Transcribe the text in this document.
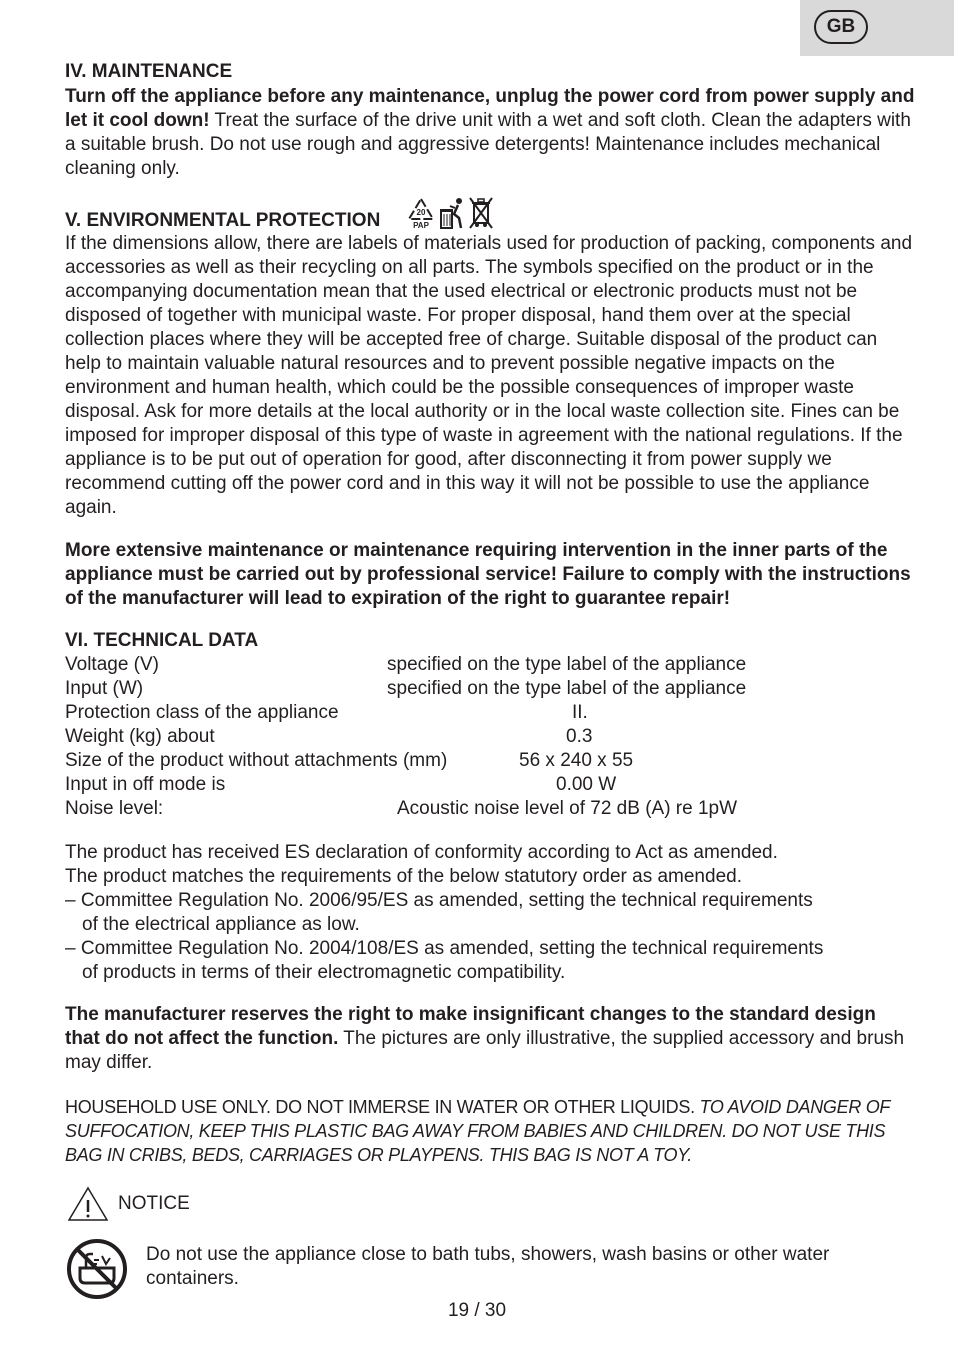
GB

IV. MAINTENANCE

Turn off the appliance before any maintenance, unplug the power cord from power supply and let it cool down! Treat the surface of the drive unit with a wet and soft cloth. Clean the adapters with a suitable brush. Do not use rough and aggressive detergents! Maintenance includes mechanical cleaning only.

V. ENVIRONMENTAL PROTECTION	20
PAP

If the dimensions allow, there are labels of materials used for production of packing, components and accessories as well as their recycling on all parts. The symbols specified on the product or in the accompanying documentation mean that the used electrical or electronic products must not be disposed of together with municipal waste. For proper disposal, hand them over at the special collection places where they will be accepted free of charge. Suitable disposal of the product can help to maintain valuable natural resources and to prevent possible negative impacts on the environment and human health, which could be the possible consequences of improper waste disposal. Ask for more details at the local authority or in the local waste collection site. Fines can be imposed for improper disposal of this type of waste in agreement with the national regulations. If the appliance is to be put out of operation for good, after disconnecting it from power supply we recommend cutting off the power cord and in this way it will not be possible to use the appliance again.

More extensive maintenance or maintenance requiring intervention in the inner parts of the appliance must be carried out by professional service! Failure to comply with the instructions of the manufacturer will lead to expiration of the right to guarantee repair!

VI. TECHNICAL DATA

Voltage (V)	specified on the type label of the appliance
Input (W)	specified on the type label of the appliance
Protection class of the appliance	II.
Weight (kg) about	0.3
Size of the product without attachments (mm)	56 x 240 x 55
Input in off mode is	0.00 W
Noise level:	Acoustic noise level of 72 dB (A) re 1pW

The product has received ES declaration of conformity according to Act as amended.

The product matches the requirements of the below statutory order as amended.

– Committee Regulation No. 2006/95/ES as amended, setting the technical requirements

of the electrical appliance as low.

– Committee Regulation No. 2004/108/ES as amended, setting the technical requirements

of products in terms of their electromagnetic compatibility.

The manufacturer reserves the right to make insignificant changes to the standard design that do not affect the function. The pictures are only illustrative, the supplied accessory and brush may differ.

HOUSEHOLD USE ONLY. DO NOT IMMERSE IN WATER OR OTHER LIQUIDS. TO AVOID DANGER OF SUFFOCATION, KEEP THIS PLASTIC BAG AWAY FROM BABIES AND CHILDREN. DO NOT USE THIS BAG IN CRIBS, BEDS, CARRIAGES OR PLAYPENS. THIS BAG IS NOT A TOY.

NOTICE
Do not use the appliance close to bath tubs, showers, wash basins or other water containers.
19 / 30
